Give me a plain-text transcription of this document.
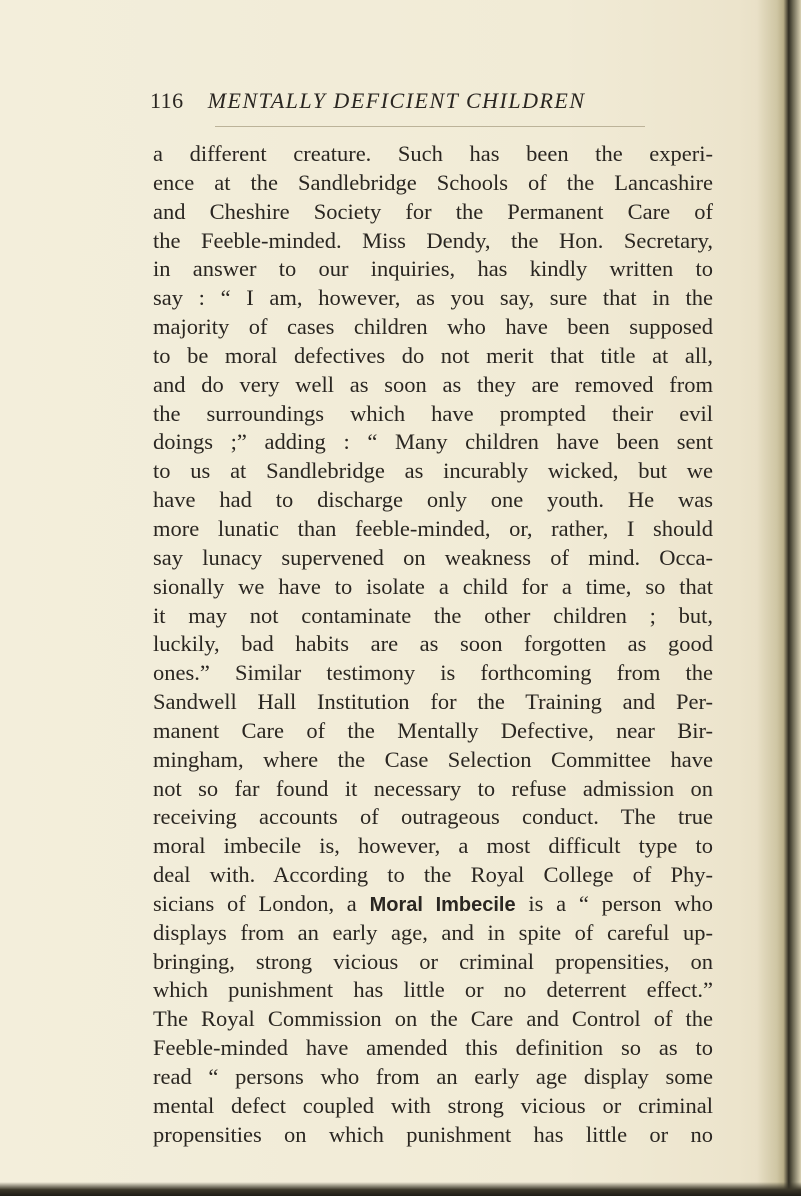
116 MENTALLY DEFICIENT CHILDREN
a different creature. Such has been the experi-
ence at the Sandlebridge Schools of the Lancashire
and Cheshire Society for the Permanent Care of
the Feeble-minded. Miss Dendy, the Hon. Secretary,
in answer to our inquiries, has kindly written to
say : “ I am, however, as you say, sure that in the
majority of cases children who have been supposed
to be moral defectives do not merit that title at all,
and do very well as soon as they are removed from
the surroundings which have prompted their evil
doings ;” adding : “ Many children have been sent
to us at Sandlebridge as incurably wicked, but we
have had to discharge only one youth. He was
more lunatic than feeble-minded, or, rather, I should
say lunacy supervened on weakness of mind. Occa-
sionally we have to isolate a child for a time, so that
it may not contaminate the other children ; but,
luckily, bad habits are as soon forgotten as good
ones.” Similar testimony is forthcoming from the
Sandwell Hall Institution for the Training and Per-
manent Care of the Mentally Defective, near Bir-
mingham, where the Case Selection Committee have
not so far found it necessary to refuse admission on
receiving accounts of outrageous conduct. The true
moral imbecile is, however, a most difficult type to
deal with. According to the Royal College of Phy-
sicians of London, a Moral Imbecile is a “ person who
displays from an early age, and in spite of careful up-
bringing, strong vicious or criminal propensities, on
which punishment has little or no deterrent effect.”
The Royal Commission on the Care and Control of the
Feeble-minded have amended this definition so as to
read “ persons who from an early age display some
mental defect coupled with strong vicious or criminal
propensities on which punishment has little or no
